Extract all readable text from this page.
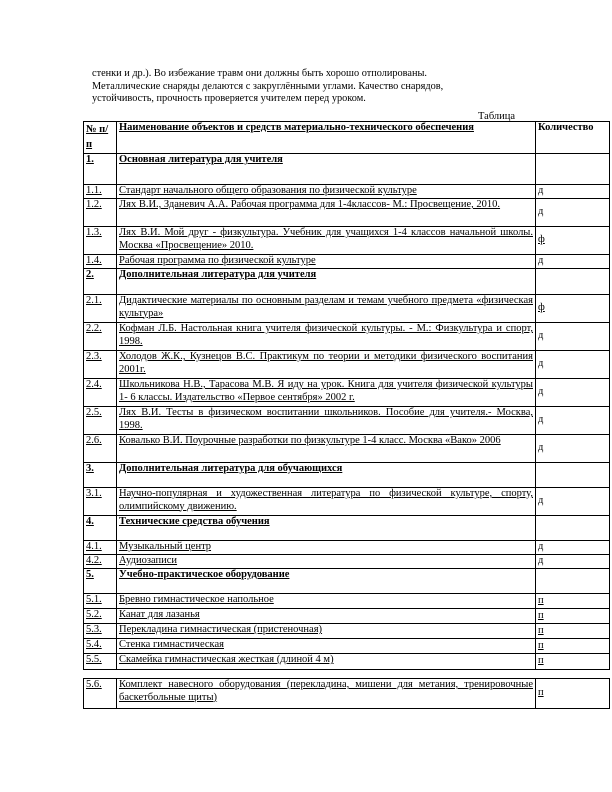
стенки и др.). Во избежание травм они должны быть хорошо отполированы.

Металлические снаряды делаются с закруглёнными углами. Качество снарядов,

устойчивость, прочность проверяется учителем перед уроком.

Таблица
№ п/п	Наименование объектов и средств материально-технического обеспечения	Количество
1.	Основная литература для учителя	
1.1.	Стандарт начального общего образования по физической культуре	д
1.2.	Лях В.И., Зданевич А.А. Рабочая программа для 1-4классов- М.: Просвещение, 2010.	д
1.3.	Лях В.И. Мой друг - физкультура. Учебник для учащихся 1-4 классов начальной школы. Москва «Просвещение» 2010.	ф
1.4.	Рабочая программа по физической культуре	д
2.	Дополнительная литература для учителя	
2.1.	Дидактические материалы по основным разделам и темам учебного предмета «физическая культура»	ф
2.2.	Кофман Л.Б. Настольная книга учителя физической культуры. - М.: Физкультура и спорт, 1998.	д
2.3.	Холодов Ж.К., Кузнецов В.С. Практикум по теории и методики физического воспитания 2001г.	д
2.4.	Школьникова Н.В., Тарасова М.В. Я иду на урок. Книга для учителя физической культуры 1- 6 классы. Издательство «Первое сентября» 2002 г.	д
2.5.	Лях В.И. Тесты в физическом воспитании школьников. Пособие для учителя.- Москва, 1998.	д
2.6.	Ковалько В.И. Поурочные разработки по физкультуре 1-4 класс. Москва «Вако» 2006	д
3.	Дополнительная литература для обучающихся	
3.1.	Научно-популярная и художественная литература по физической культуре, спорту, олимпийскому движению.	д
4.	Технические средства обучения	
4.1.	Музыкальный центр	д
4.2.	Аудиозаписи	д
5.	Учебно-практическое оборудование	
5.1.	Бревно гимнастическое напольное	п
5.2.	Канат для лазанья	п
5.3.	Перекладина гимнастическая (пристеночная)	п
5.4.	Стенка гимнастическая	п
5.5.	Скамейка гимнастическая жесткая (длиной 4 м)	п
5.6.	Комплект навесного оборудования (перекладина, мишени для метания, тренировочные баскетбольные щиты)	п
